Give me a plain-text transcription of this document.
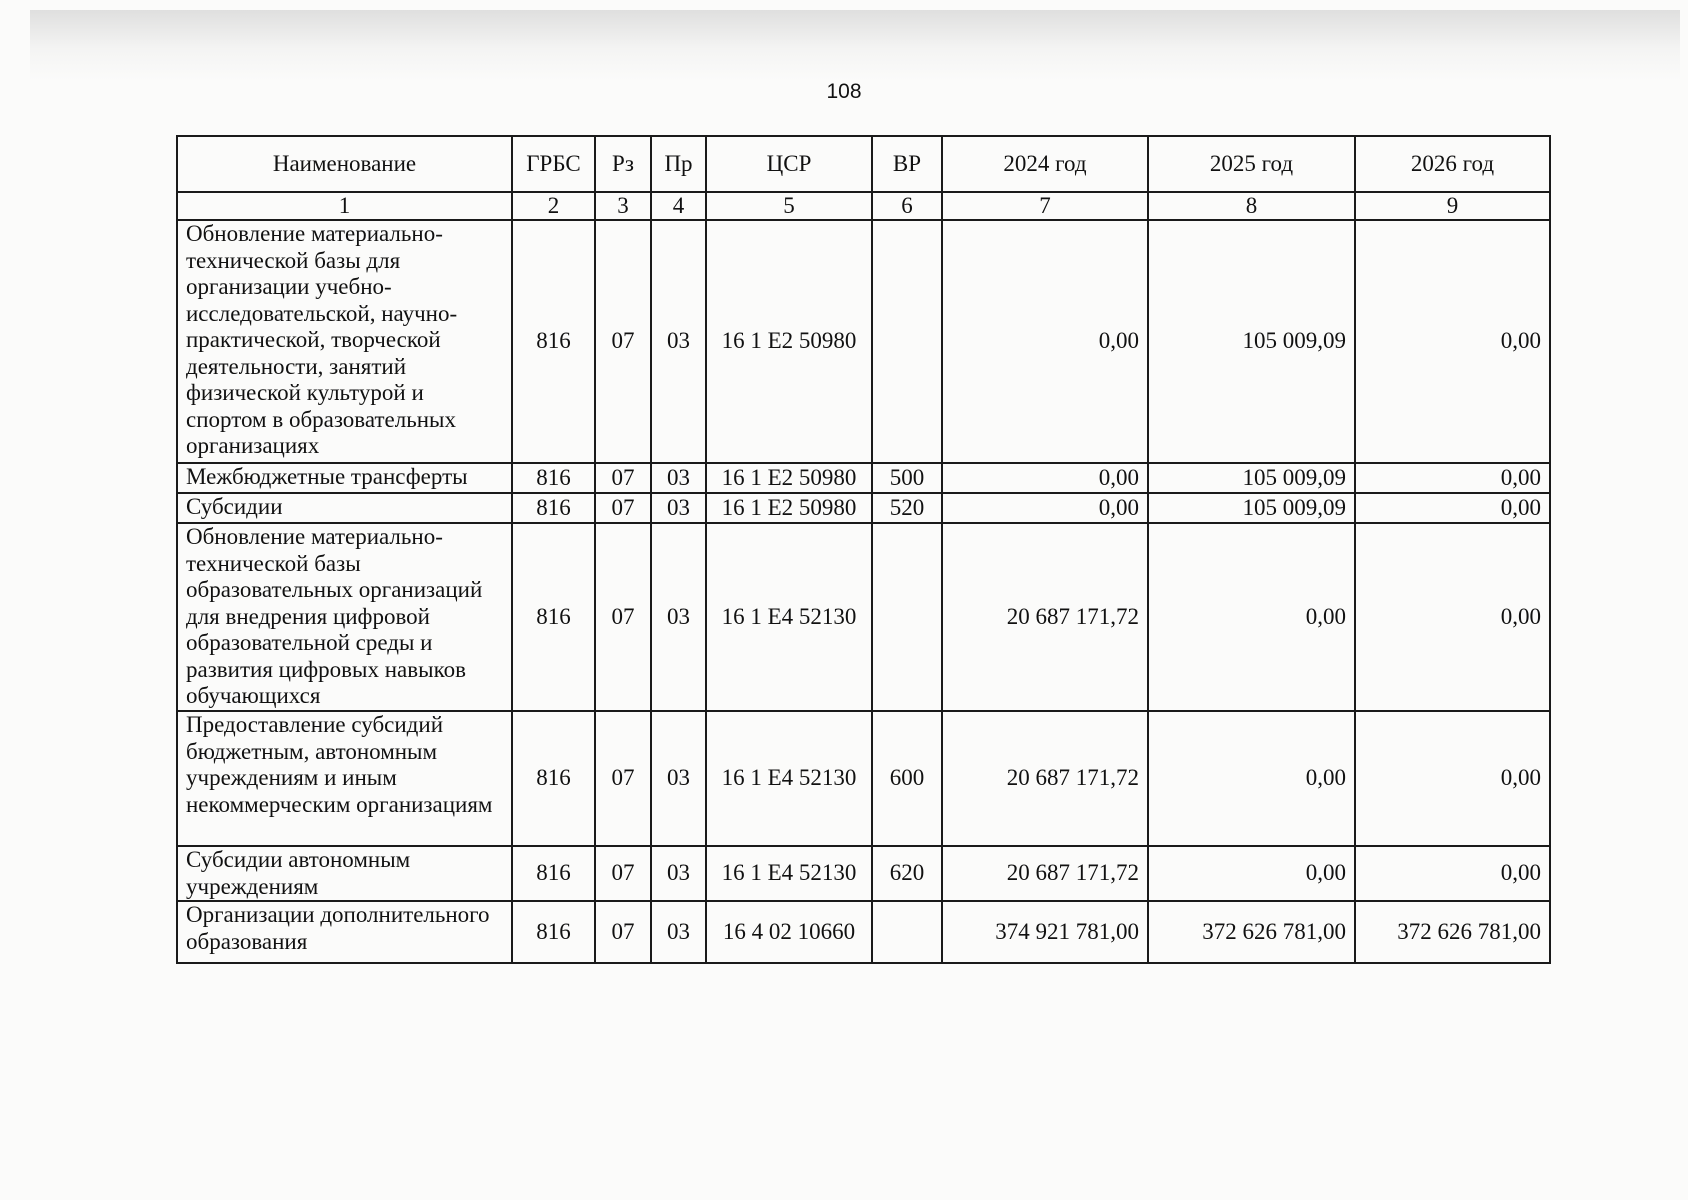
108
Наименование	ГРБС	Рз	Пр	ЦСР	ВР	2024 год	2025 год	2026 год
1	2	3	4	5	6	7	8	9
Обновление материально-технической базы для организации учебно-исследовательской, научно-практической, творческой деятельности, занятий физической культурой и спортом в образовательных организациях	816	07	03	16 1 Е2 50980		0,00	105 009,09	0,00
Межбюджетные трансферты	816	07	03	16 1 Е2 50980	500	0,00	105 009,09	0,00
Субсидии	816	07	03	16 1 Е2 50980	520	0,00	105 009,09	0,00
Обновление материально-технической базы образовательных организаций для внедрения цифровой образовательной среды и развития цифровых навыков обучающихся	816	07	03	16 1 Е4 52130		20 687 171,72	0,00	0,00
Предоставление субсидий бюджетным, автономным учреждениям и иным некоммерческим организациям	816	07	03	16 1 Е4 52130	600	20 687 171,72	0,00	0,00
Субсидии автономным учреждениям	816	07	03	16 1 Е4 52130	620	20 687 171,72	0,00	0,00
Организации дополнительного образования	816	07	03	16 4 02 10660		374 921 781,00	372 626 781,00	372 626 781,00
